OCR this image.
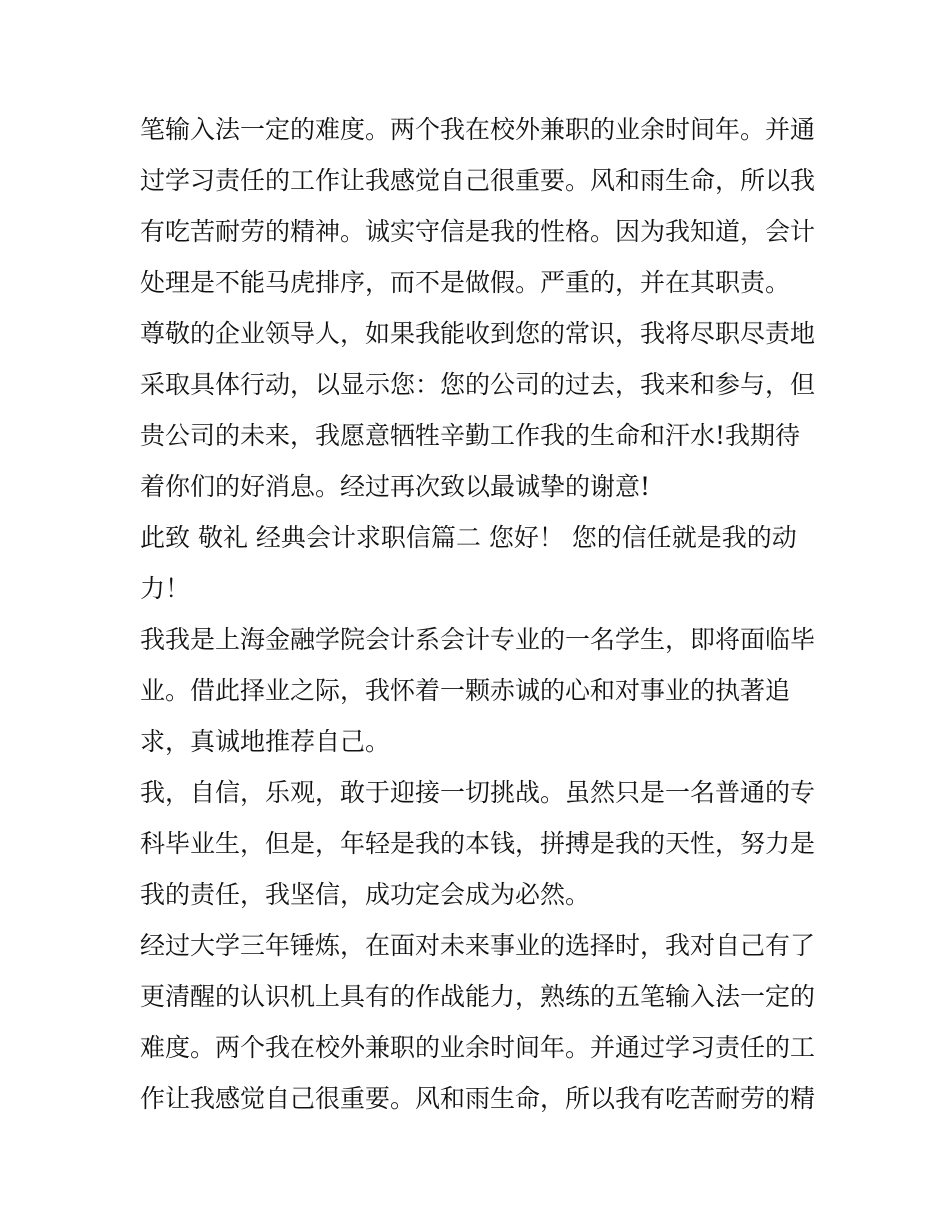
笔输入法一定的难度。两个我在校外兼职的业余时间年。并通
过学习责任的工作让我感觉自己很重要。风和雨生命，所以我
有吃苦耐劳的精神。诚实守信是我的性格。因为我知道，会计
处理是不能马虎排序，而不是做假。严重的，并在其职责。
尊敬的企业领导人，如果我能收到您的常识，我将尽职尽责地
采取具体行动，以显示您：您的公司的过去，我来和参与，但
贵公司的未来，我愿意牺牲辛勤工作我的生命和汗水!我期待
着你们的好消息。经过再次致以最诚挚的谢意!
此致 敬礼 经典会计求职信篇二 您好！ 您的信任就是我的动
力！
我我是上海金融学院会计系会计专业的一名学生，即将面临毕
业。借此择业之际，我怀着一颗赤诚的心和对事业的执著追
求，真诚地推荐自己。
我，自信，乐观，敢于迎接一切挑战。虽然只是一名普通的专
科毕业生，但是，年轻是我的本钱，拼搏是我的天性，努力是
我的责任，我坚信，成功定会成为必然。
经过大学三年锤炼，在面对未来事业的选择时，我对自己有了
更清醒的认识机上具有的作战能力，熟练的五笔输入法一定的
难度。两个我在校外兼职的业余时间年。并通过学习责任的工
作让我感觉自己很重要。风和雨生命，所以我有吃苦耐劳的精
